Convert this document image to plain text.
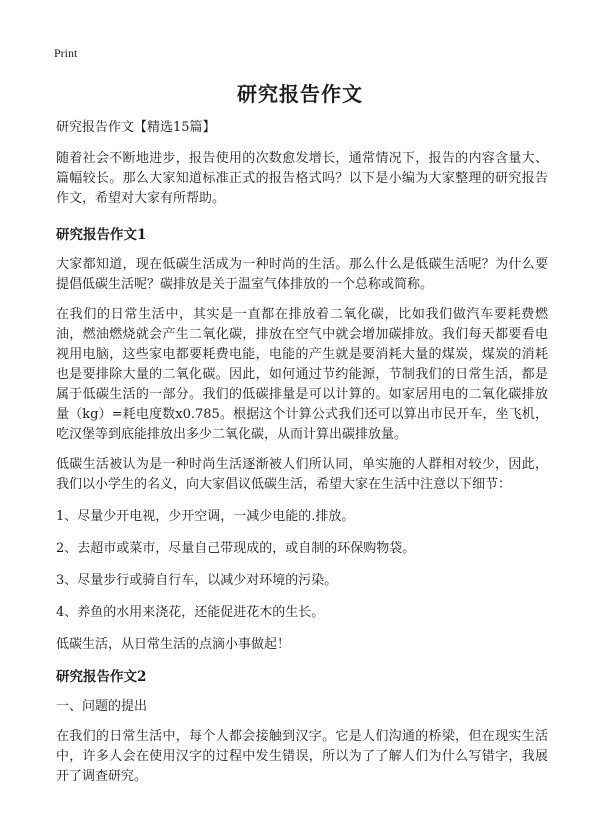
Print
研究报告作文

研究报告作文【精选15篇】

随着社会不断地进步，报告使用的次数愈发增长，通常情况下，报告的内容含量大、篇幅较长。那么大家知道标准正式的报告格式吗？以下是小编为大家整理的研究报告作文，希望对大家有所帮助。

研究报告作文1

大家都知道，现在低碳生活成为一种时尚的生活。那么什么是低碳生活呢？为什么要提倡低碳生活呢？碳排放是关于温室气体排放的一个总称或简称。

在我们的日常生活中，其实是一直都在排放着二氧化碳，比如我们做汽车要耗费燃油，燃油燃烧就会产生二氧化碳，排放在空气中就会增加碳排放。我们每天都要看电视用电脑，这些家电都要耗费电能，电能的产生就是要消耗大量的煤炭，煤炭的消耗也是要排除大量的二氧化碳。因此，如何通过节约能源，节制我们的日常生活，都是属于低碳生活的一部分。我们的低碳排量是可以计算的。如家居用电的二氧化碳排放量（kg）=耗电度数x0.785。根据这个计算公式我们还可以算出市民开车，坐飞机，吃汉堡等到底能排放出多少二氧化碳，从而计算出碳排放量。

低碳生活被认为是一种时尚生活逐渐被人们所认同，单实施的人群相对较少，因此，我们以小学生的名义，向大家倡议低碳生活，希望大家在生活中注意以下细节：

1、尽量少开电视，少开空调，一减少电能的.排放。

2、去超市或菜市，尽量自己带现成的，或自制的环保购物袋。

3、尽量步行或骑自行车，以减少对环境的污染。

4、养鱼的水用来浇花，还能促进花木的生长。

低碳生活，从日常生活的点滴小事做起！

研究报告作文2

一、问题的提出

在我们的日常生活中，每个人都会接触到汉字。它是人们沟通的桥梁，但在现实生活中，许多人会在使用汉字的过程中发生错误，所以为了了解人们为什么写错字，我展开了调查研究。
